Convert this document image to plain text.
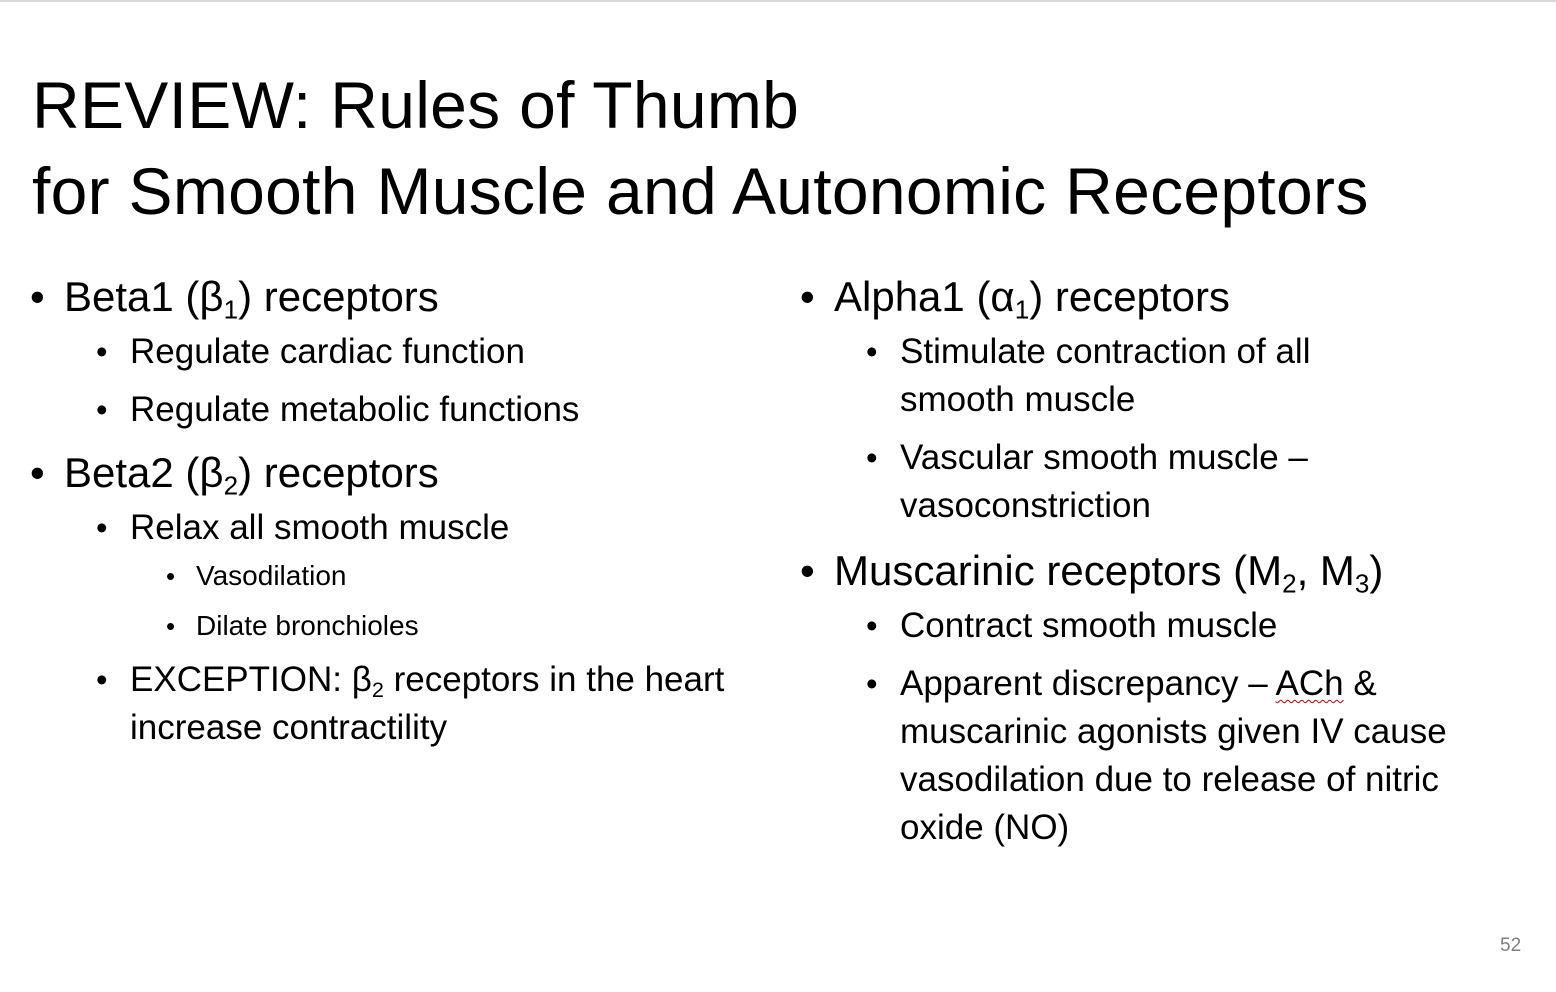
REVIEW: Rules of Thumb
for Smooth Muscle and Autonomic Receptors
• Beta1 $(\beta_1)$ receptors
• Regulate cardiac function
• Regulate metabolic functions
• Beta2 $(\beta_2)$ receptors
• Relax all smooth muscle
• Vasodilation
• Dilate bronchioles
• EXCEPTION: $\beta_2$ receptors in the heart increase contractility
• Alpha1 $(\alpha_1)$ receptors
• Stimulate contraction of all smooth muscle
• Vascular smooth muscle – vasoconstriction
• Muscarinic receptors ($M_2$, $M_3$)
• Contract smooth muscle
• Apparent discrepancy – ACh & muscarinic agonists given IV cause vasodilation due to release of nitric oxide (NO)
52
